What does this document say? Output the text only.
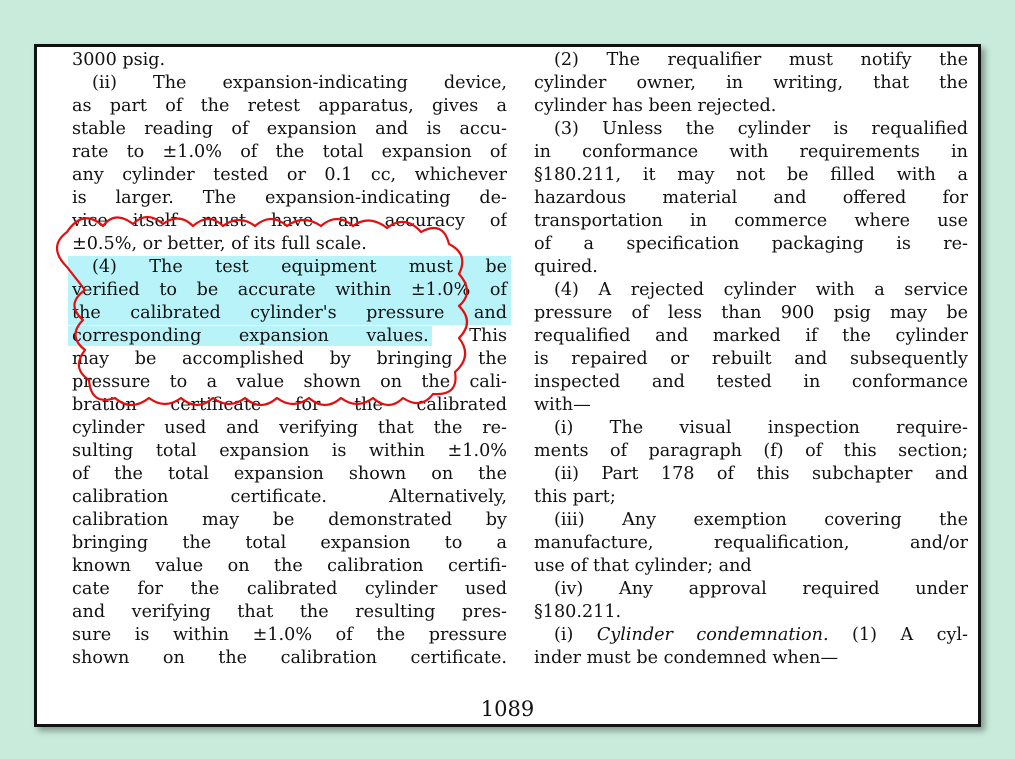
3000 psig.
(ii) The expansion-indicating device,
as part of the retest apparatus, gives a
stable reading of expansion and is accu-
rate to ±1.0% of the total expansion of
any cylinder tested or 0.1 cc, whichever
is larger. The expansion-indicating de-
vice itself must have an accuracy of
±0.5%, or better, of its full scale.
(4) The test equipment must be
verified to be accurate within ±1.0% of
the calibrated cylinder's pressure and
corresponding expansion values. This
may be accomplished by bringing the
pressure to a value shown on the cali-
bration certificate for the calibrated
cylinder used and verifying that the re-
sulting total expansion is within ±1.0%
of the total expansion shown on the
calibration certificate. Alternatively,
calibration may be demonstrated by
bringing the total expansion to a
known value on the calibration certifi-
cate for the calibrated cylinder used
and verifying that the resulting pres-
sure is within ±1.0% of the pressure
shown on the calibration certificate.
(2) The requalifier must notify the
cylinder owner, in writing, that the
cylinder has been rejected.
(3) Unless the cylinder is requalified
in conformance with requirements in
§180.211, it may not be filled with a
hazardous material and offered for
transportation in commerce where use
of a specification packaging is re-
quired.
(4) A rejected cylinder with a service
pressure of less than 900 psig may be
requalified and marked if the cylinder
is repaired or rebuilt and subsequently
inspected and tested in conformance
with—
(i) The visual inspection require-
ments of paragraph (f) of this section;
(ii) Part 178 of this subchapter and
this part;
(iii) Any exemption covering the
manufacture, requalification, and/or
use of that cylinder; and
(iv) Any approval required under
§180.211.
(i) Cylinder condemnation. (1) A cyl-
inder must be condemned when—
1089
